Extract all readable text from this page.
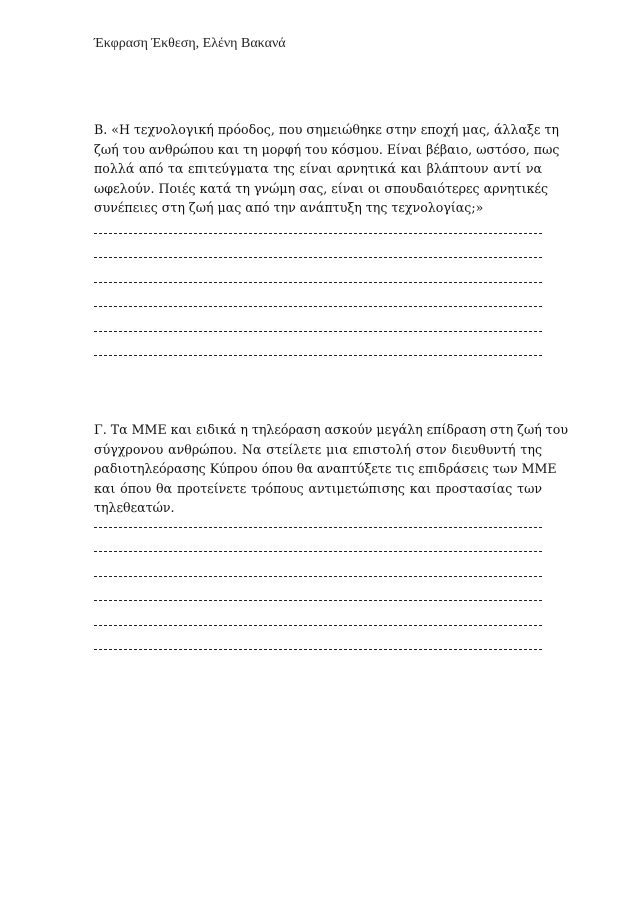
Έκφραση Έκθεση, Ελένη Βακανά
Β. «Η τεχνολογική πρόοδος, που σημειώθηκε στην εποχή μας, άλλαξε τη
ζωή του ανθρώπου και τη μορφή του κόσμου. Είναι βέβαιο, ωστόσο, πως
πολλά από τα επιτεύγματα της είναι αρνητικά και βλάπτουν αντί να
ωφελούν. Ποιές κατά τη γνώμη σας, είναι οι σπουδαιότερες αρνητικές
συνέπειες στη ζωή μας από την ανάπτυξη της τεχνολογίας;»
Γ. Τα ΜΜΕ και ειδικά η τηλεόραση ασκούν μεγάλη επίδραση στη ζωή του
σύγχρονου ανθρώπου. Να στείλετε μια επιστολή στον διευθυντή της
ραδιοτηλεόρασης Κύπρου όπου θα αναπτύξετε τις επιδράσεις των ΜΜΕ
και όπου θα προτείνετε τρόπους αντιμετώπισης και προστασίας των
τηλεθεατών.
